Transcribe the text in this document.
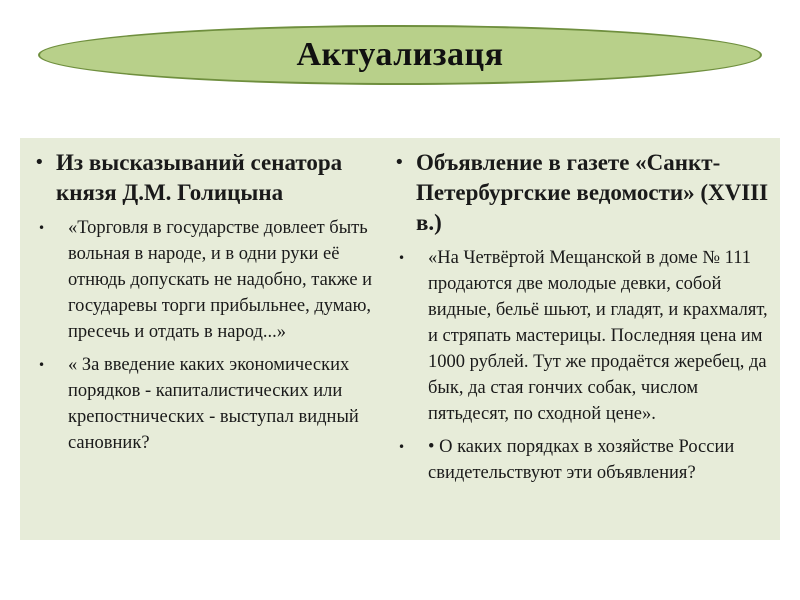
Актуализаця
• Из высказываний сенатора князя Д.М. Голицына
•	«Торговля в государстве довлеет быть вольная в народе, и в одни руки её отнюдь допускать не надобно, также и государевы торги прибыльнее, думаю, пресечь и отдать в народ...»
•	« За введение каких экономических порядков - капиталистических или крепостнических - выступал видный сановник?
• Объявление в газете «Санкт-Петербургские ведомости» (XVIII в.)
•	«На Четвёртой Мещанской в доме № 111 продаются две молодые девки, собой видные, бельё шьют, и гладят, и крахмалят, и стряпать мастерицы. Последняя цена им 1000 рублей. Тут же продаётся жеребец, да бык, да стая гончих собак, числом пятьдесят, по сходной цене».
•	• О каких порядках в хозяйстве России свидетельствуют эти объявления?
